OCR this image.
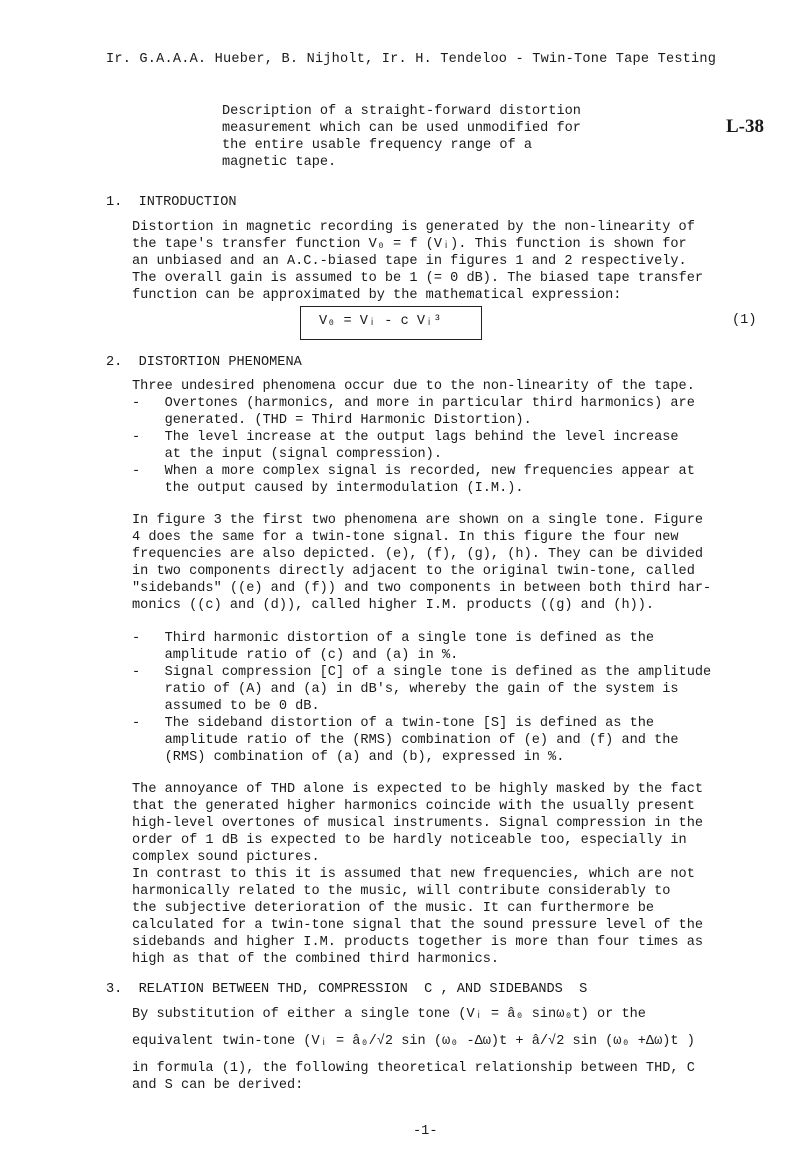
Ir. G.A.A.A. Hueber, B. Nijholt, Ir. H. Tendeloo - Twin-Tone Tape Testing
L-38

Description of a straight-forward distortion

measurement which can be used unmodified for

the entire usable frequency range of a

magnetic tape.

1.  INTRODUCTION
Distortion in magnetic recording is generated by the non-linearity of
the tape's transfer function V₀ = f (Vᵢ). This function is shown for
an unbiased and an A.C.-biased tape in figures 1 and 2 respectively.
The overall gain is assumed to be 1 (= 0 dB). The biased tape transfer
function can be approximated by the mathematical expression:
V₀ = Vᵢ - c Vᵢ³	(1)
2.  DISTORTION PHENOMENA
Three undesired phenomena occur due to the non-linearity of the tape.
-   Overtones (harmonics, and more in particular third harmonics) are
generated. (THD = Third Harmonic Distortion).
-   The level increase at the output lags behind the level increase
at the input (signal compression).
-   When a more complex signal is recorded, new frequencies appear at
the output caused by intermodulation (I.M.).
In figure 3 the first two phenomena are shown on a single tone. Figure
4 does the same for a twin-tone signal. In this figure the four new
frequencies are also depicted. (e), (f), (g), (h). They can be divided
in two components directly adjacent to the original twin-tone, called
"sidebands" ((e) and (f)) and two components in between both third har-
monics ((c) and (d)), called higher I.M. products ((g) and (h)).
-   Third harmonic distortion of a single tone is defined as the
amplitude ratio of (c) and (a) in %.
-   Signal compression [C] of a single tone is defined as the amplitude
ratio of (A) and (a) in dB's, whereby the gain of the system is
assumed to be 0 dB.
-   The sideband distortion of a twin-tone [S] is defined as the
amplitude ratio of the (RMS) combination of (e) and (f) and the
(RMS) combination of (a) and (b), expressed in %.
The annoyance of THD alone is expected to be highly masked by the fact
that the generated higher harmonics coincide with the usually present
high-level overtones of musical instruments. Signal compression in the
order of 1 dB is expected to be hardly noticeable too, especially in
complex sound pictures.
In contrast to this it is assumed that new frequencies, which are not
harmonically related to the music, will contribute considerably to
the subjective deterioration of the music. It can furthermore be
calculated for a twin-tone signal that the sound pressure level of the
sidebands and higher I.M. products together is more than four times as
high as that of the combined third harmonics.
3.  RELATION BETWEEN THD, COMPRESSION  C , AND SIDEBANDS  S
By substitution of either a single tone (Vᵢ = â₀ sinω₀t) or the
equivalent twin-tone (Vᵢ = â₀/√2 sin (ω₀ -Δω)t + â/√2 sin (ω₀ +Δω)t )
in formula (1), the following theoretical relationship between THD, C
and S can be derived:
-1-
